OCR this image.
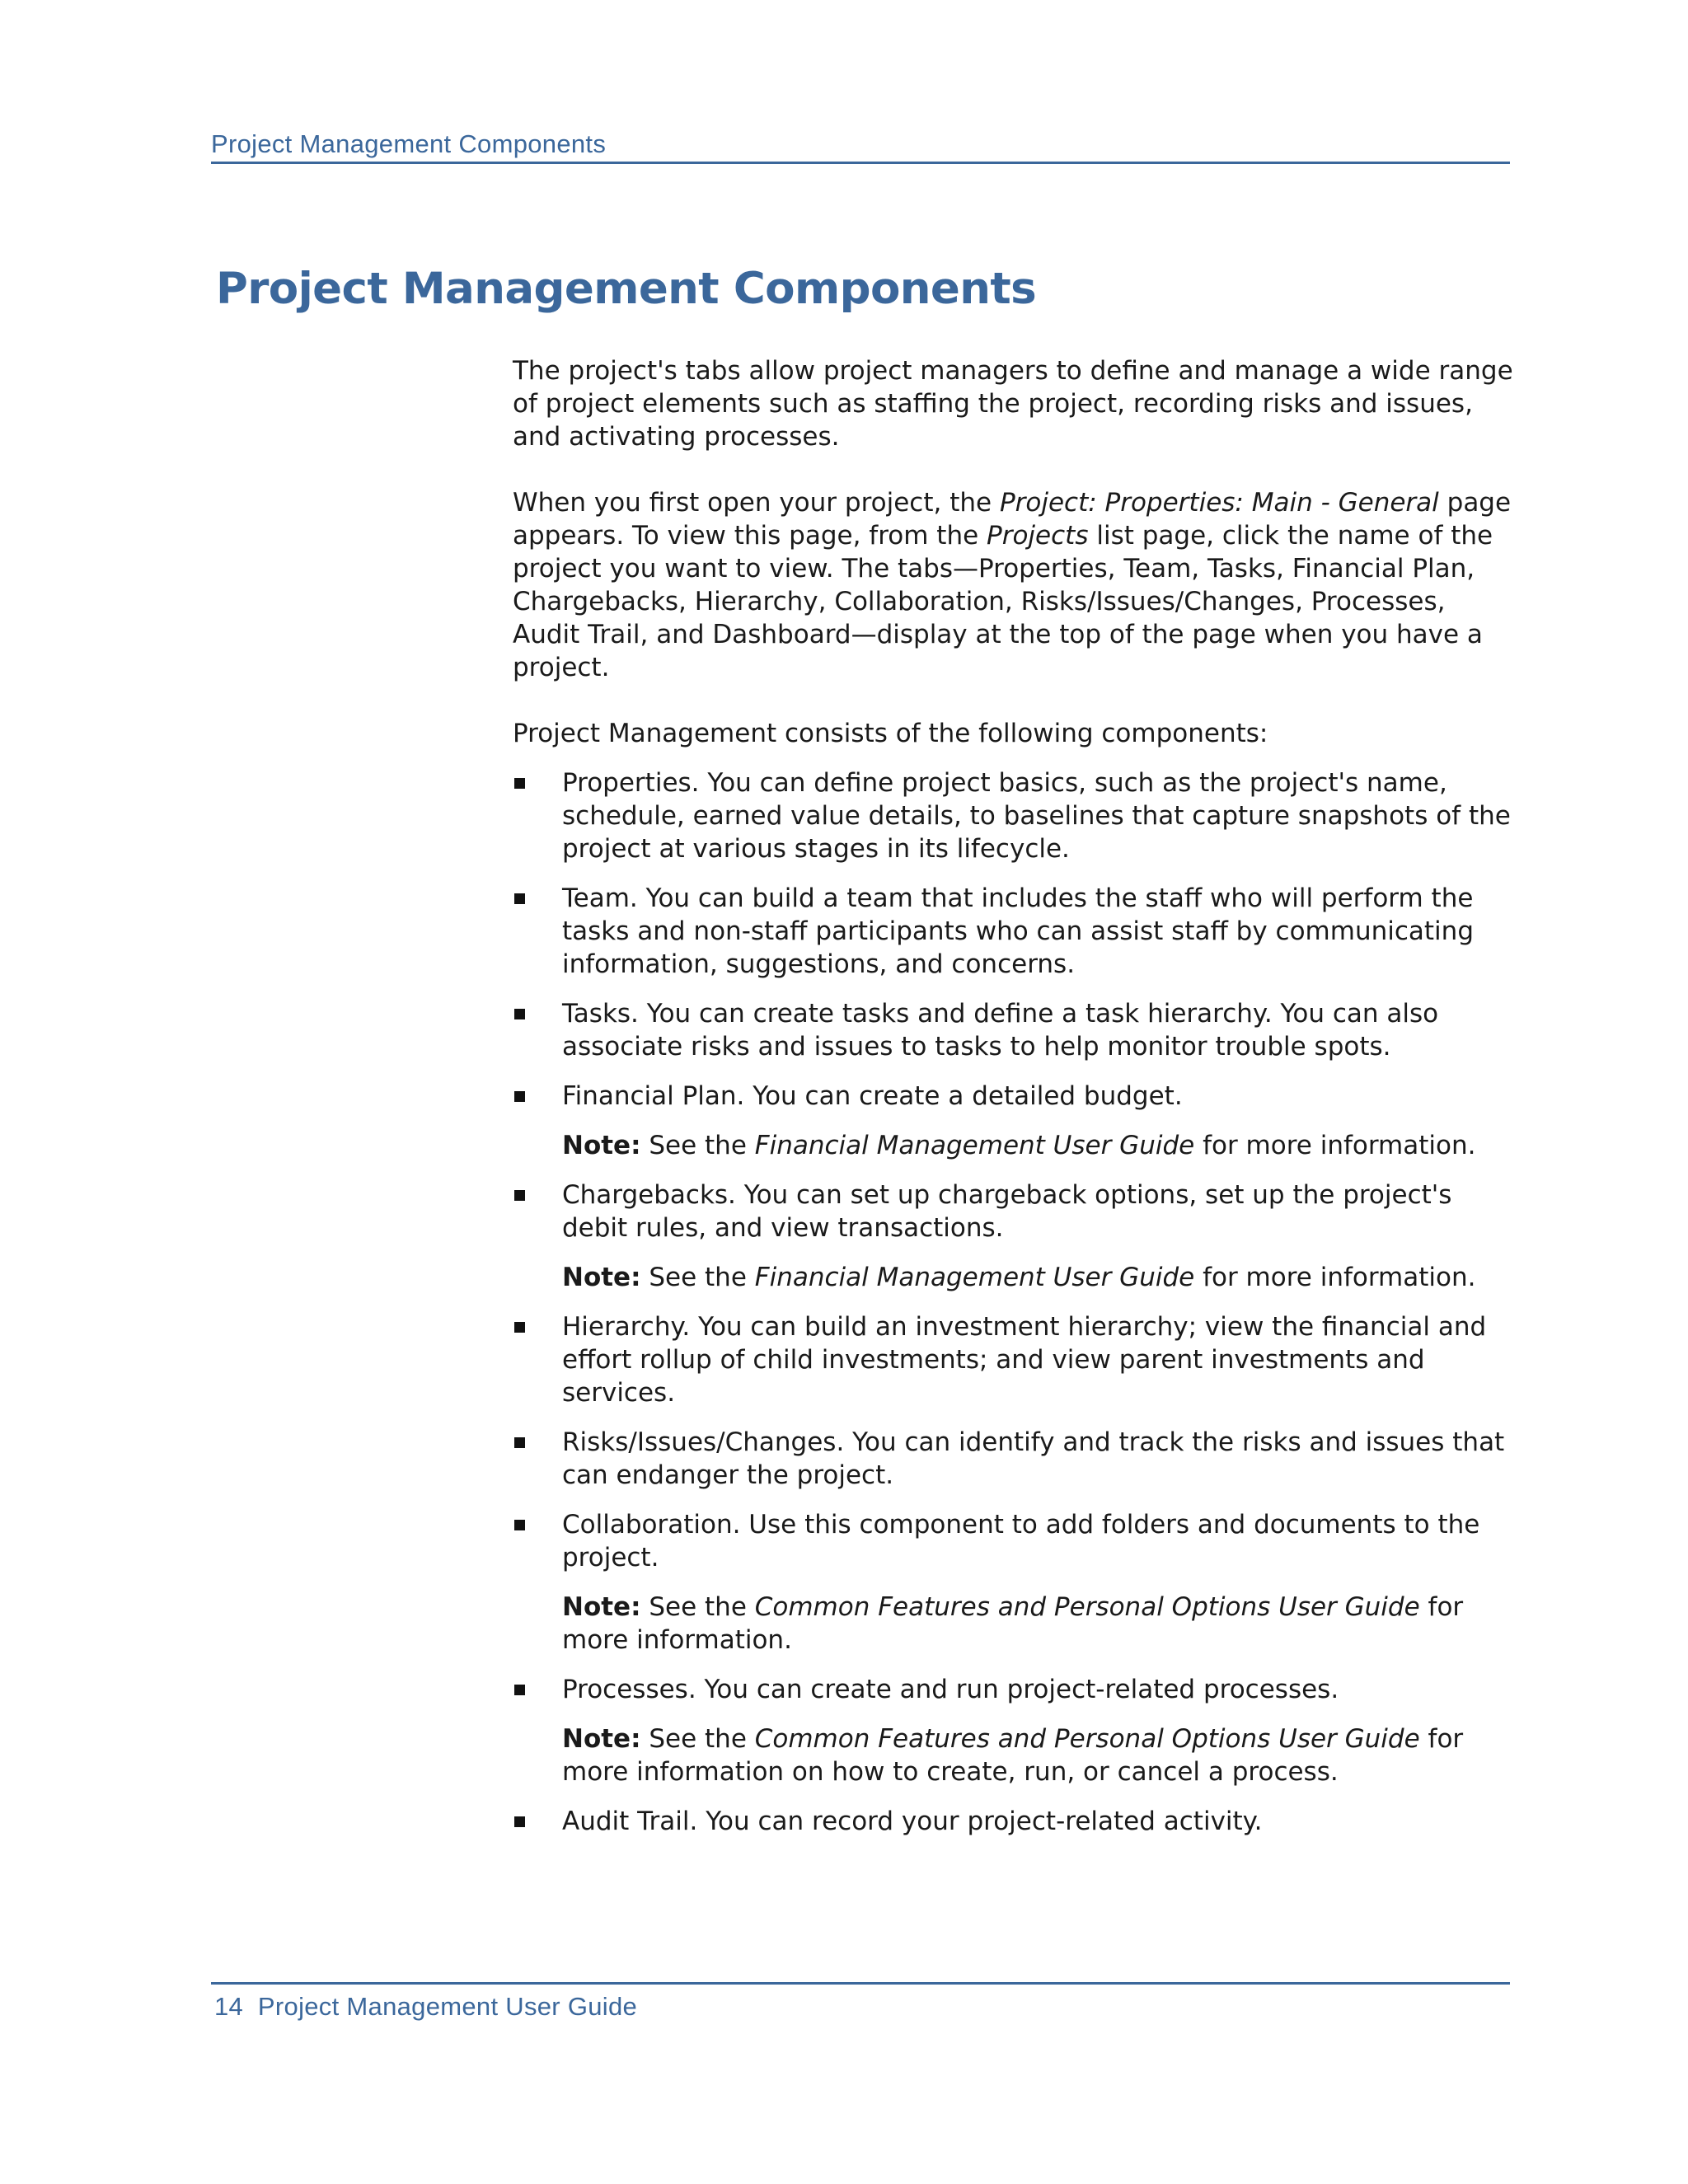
Project Management Components
Project Management Components

The project's tabs allow project managers to define and manage a wide range of project elements such as staffing the project, recording risks and issues, and activating processes.

When you first open your project, the Project: Properties: Main - General page appears. To view this page, from the Projects list page, click the name of the project you want to view. The tabs—Properties, Team, Tasks, Financial Plan, Chargebacks, Hierarchy, Collaboration, Risks/Issues/Changes, Processes, Audit Trail, and Dashboard—display at the top of the page when you have a project.

Project Management consists of the following components:

Properties. You can define project basics, such as the project's name, schedule, earned value details, to baselines that capture snapshots of the project at various stages in its lifecycle.
Team. You can build a team that includes the staff who will perform the tasks and non-staff participants who can assist staff by communicating information, suggestions, and concerns.
Tasks. You can create tasks and define a task hierarchy. You can also associate risks and issues to tasks to help monitor trouble spots.
Financial Plan. You can create a detailed budget.
Note: See the Financial Management User Guide for more information.
Chargebacks. You can set up chargeback options, set up the project's debit rules, and view transactions.
Note: See the Financial Management User Guide for more information.
Hierarchy. You can build an investment hierarchy; view the financial and effort rollup of child investments; and view parent investments and services.
Risks/Issues/Changes. You can identify and track the risks and issues that can endanger the project.
Collaboration. Use this component to add folders and documents to the project.
Note: See the Common Features and Personal Options User Guide for more information.
Processes. You can create and run project-related processes.
Note: See the Common Features and Personal Options User Guide for more information on how to create, run, or cancel a process.
Audit Trail. You can record your project-related activity.
14 Project Management User Guide
